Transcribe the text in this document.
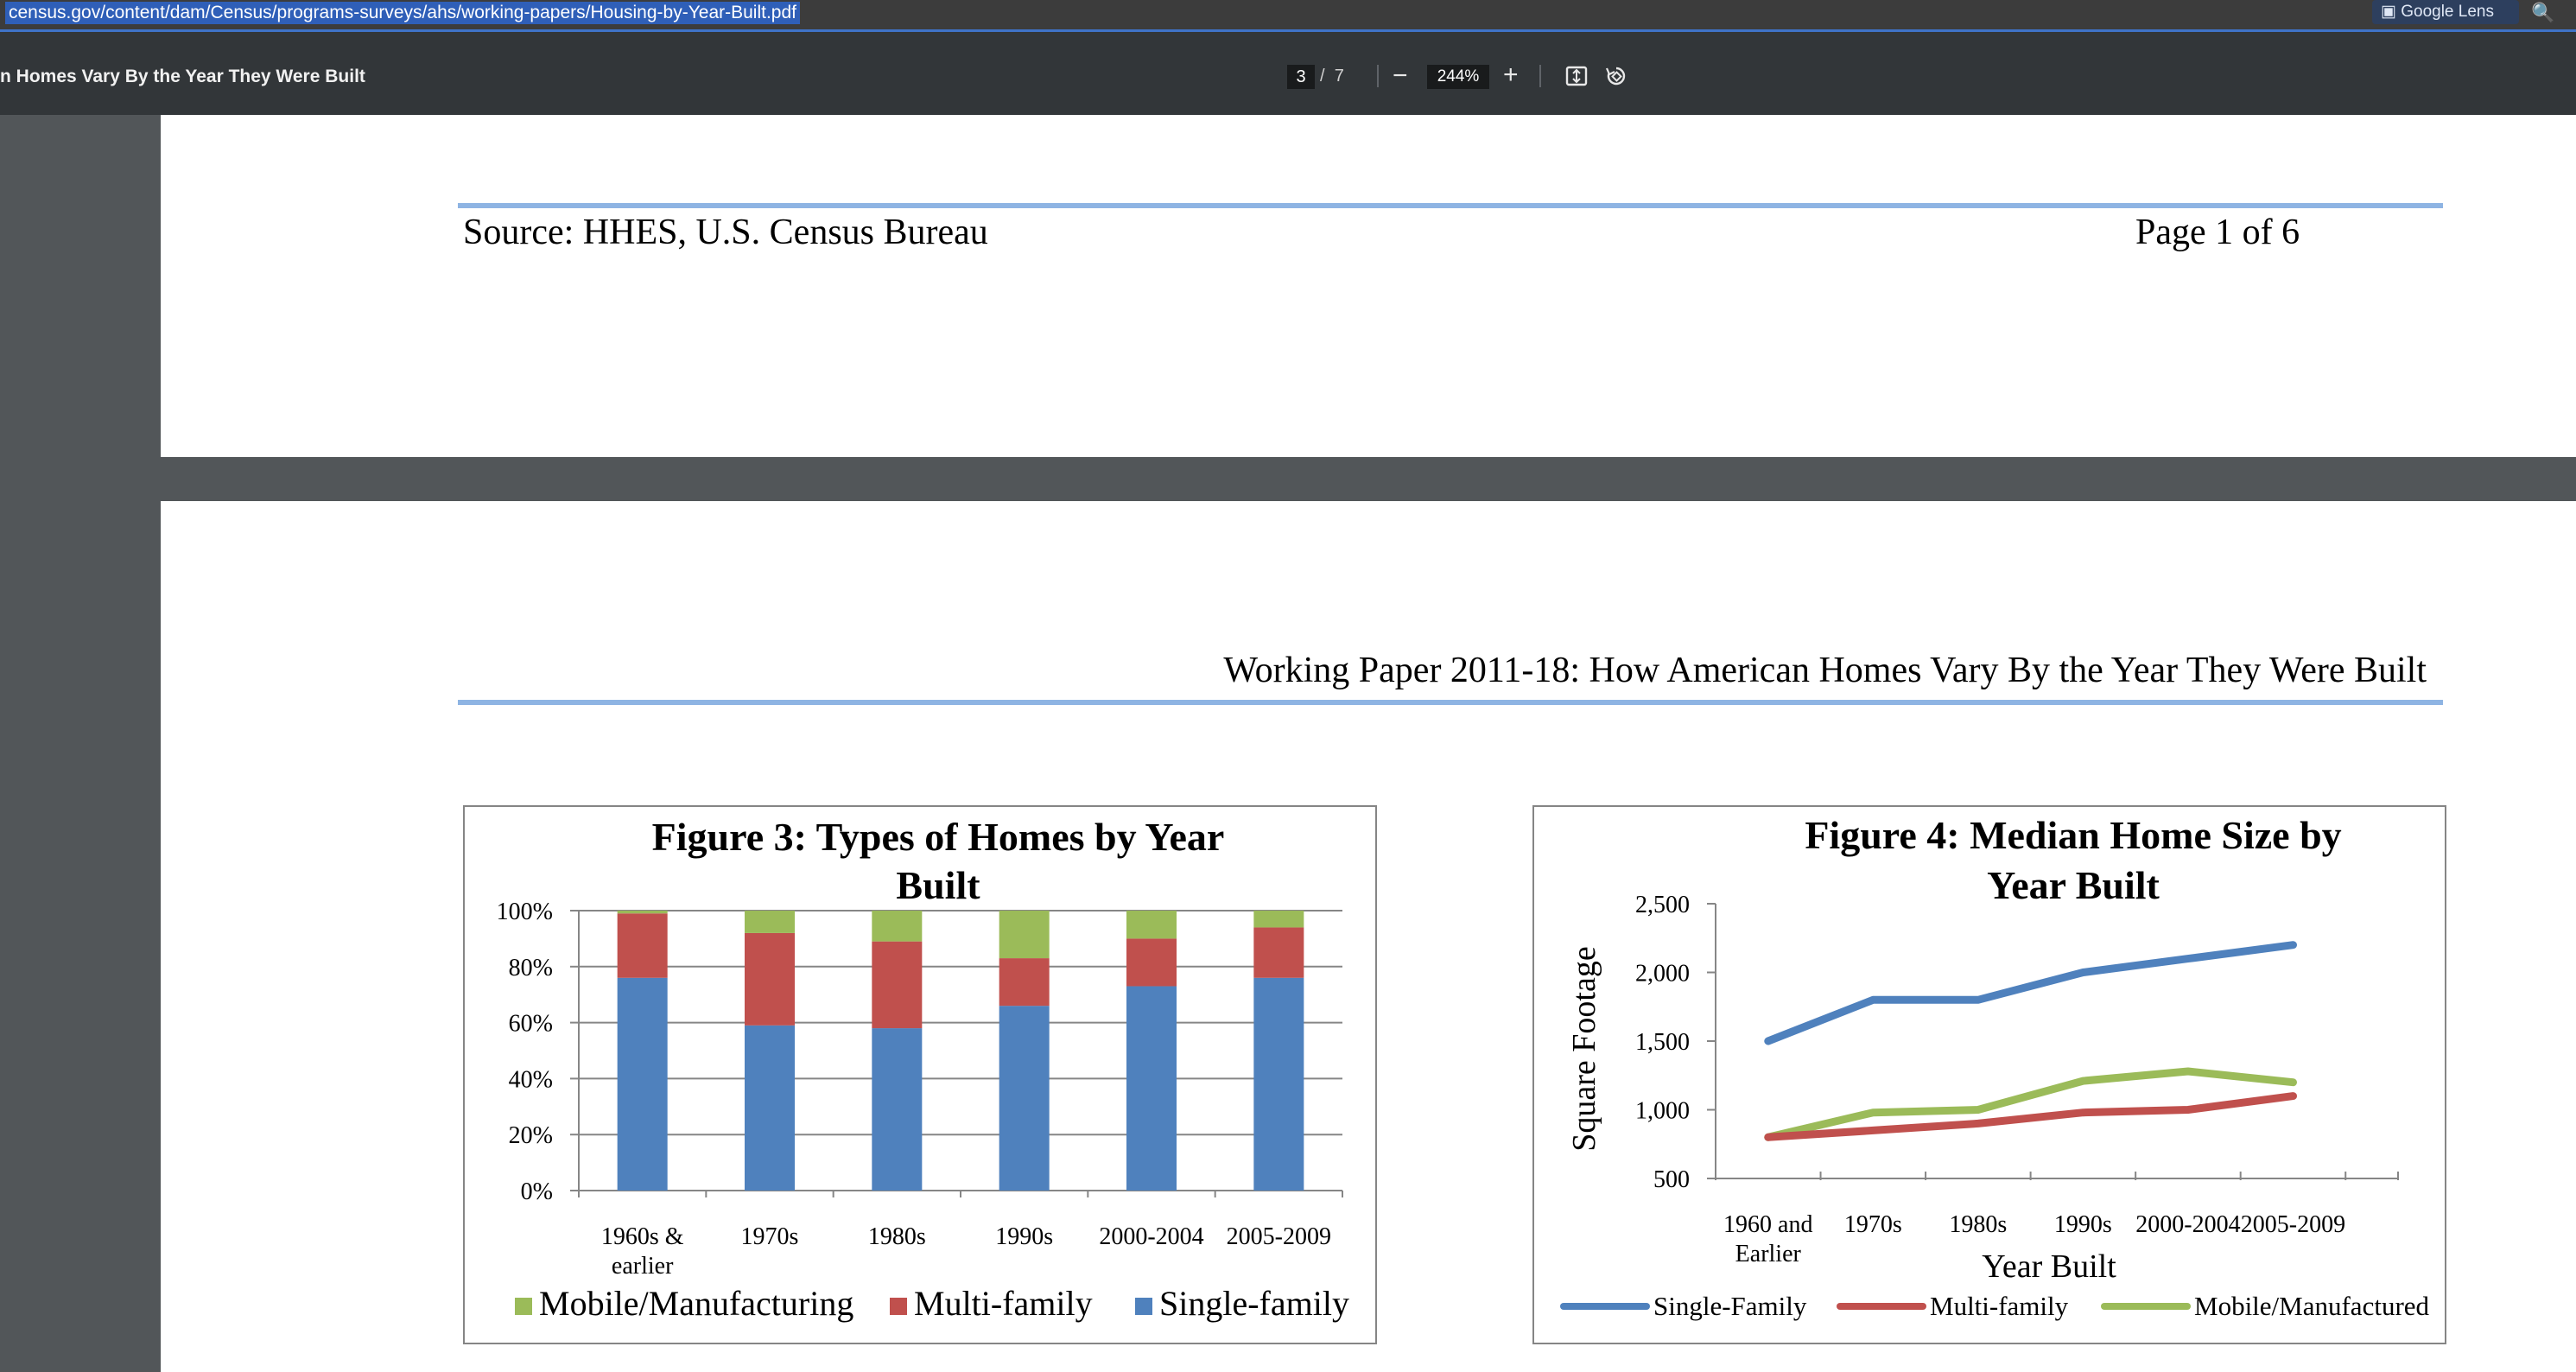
census.gov/content/dam/Census/programs-surveys/ahs/working-papers/Housing-by-Year-Built.pdf	▣ Google Lens	🔍
n Homes Vary By the Year They Were Built	3 / 7 −	244% +
Source: HHES, U.S. Census Bureau	Page 1 of 6
Working Paper 2011-18: How American Homes Vary By the Year They Were Built
Figure 3: Types of Homes by Year
Built
0%
20%
40%
60%
80%
100%
1960s &
earlier
1970s	1980s	1990s 2000-2004 2005-2009
Mobile/Manufacturing Multi-family Single-family
Figure 4: Median Home Size by
Year Built
500
1,000
1,500
2,000
2,500
1960 and
Earlier
1970s 1980s 1990s 2000-2004 2005-2009
Year Built
Square Footage
Single-Family	Multi-family	Mobile/Manufactured
